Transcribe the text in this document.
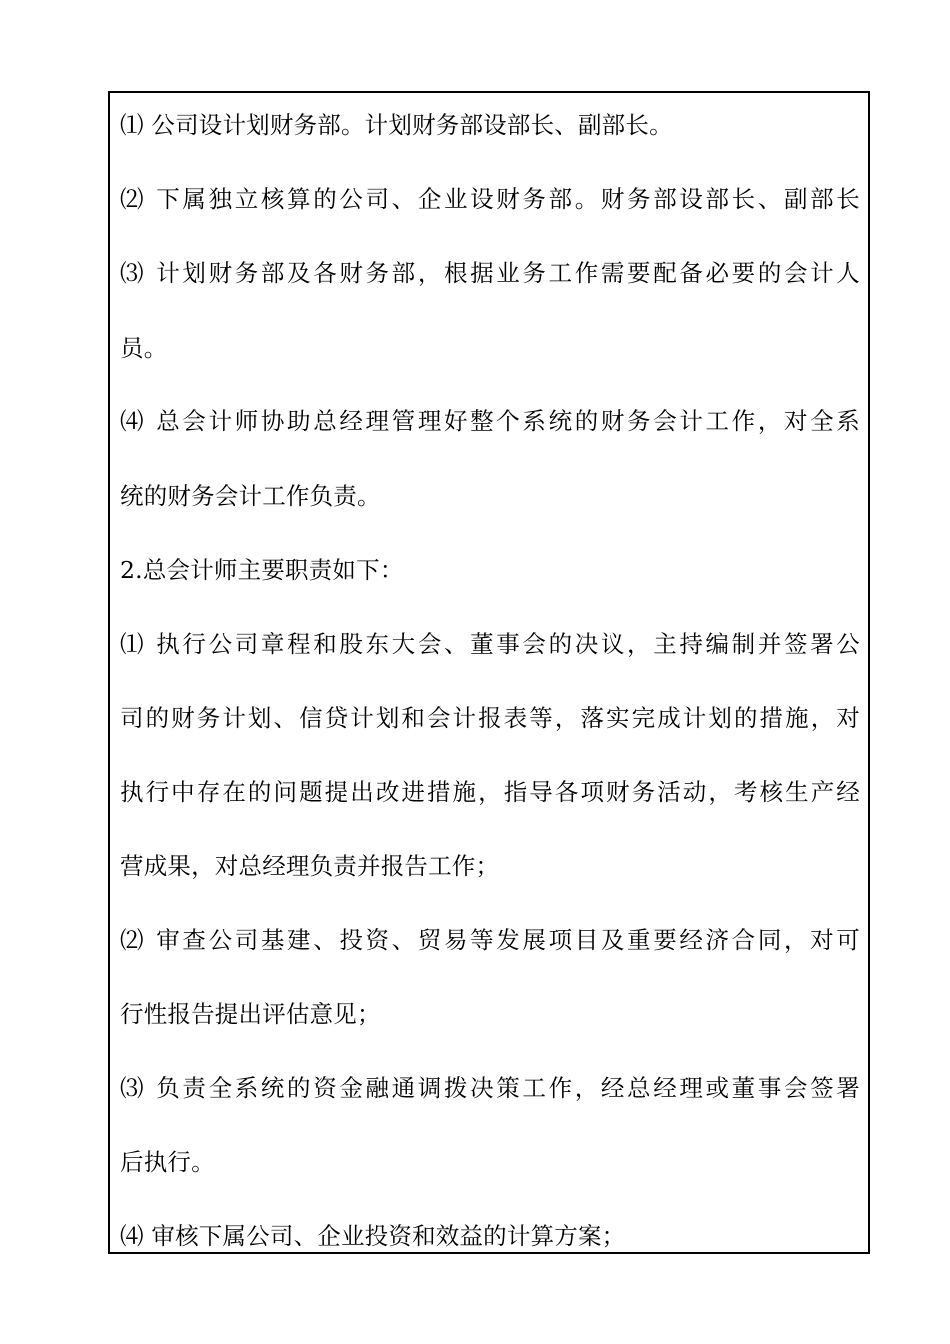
⑴ 公司设计划财务部。计划财务部设部长、副部长。
⑵ 下属独立核算的公司、企业设财务部。财务部设部长、副部长
⑶ 计划财务部及各财务部，根据业务工作需要配备必要的会计人
员。
⑷ 总会计师协助总经理管理好整个系统的财务会计工作，对全系
统的财务会计工作负责。
2.总会计师主要职责如下：
⑴ 执行公司章程和股东大会、董事会的决议，主持编制并签署公
司的财务计划、信贷计划和会计报表等，落实完成计划的措施，对
执行中存在的问题提出改进措施，指导各项财务活动，考核生产经
营成果，对总经理负责并报告工作；
⑵ 审查公司基建、投资、贸易等发展项目及重要经济合同，对可
行性报告提出评估意见；
⑶ 负责全系统的资金融通调拨决策工作，经总经理或董事会签署
后执行。
⑷ 审核下属公司、企业投资和效益的计算方案；
